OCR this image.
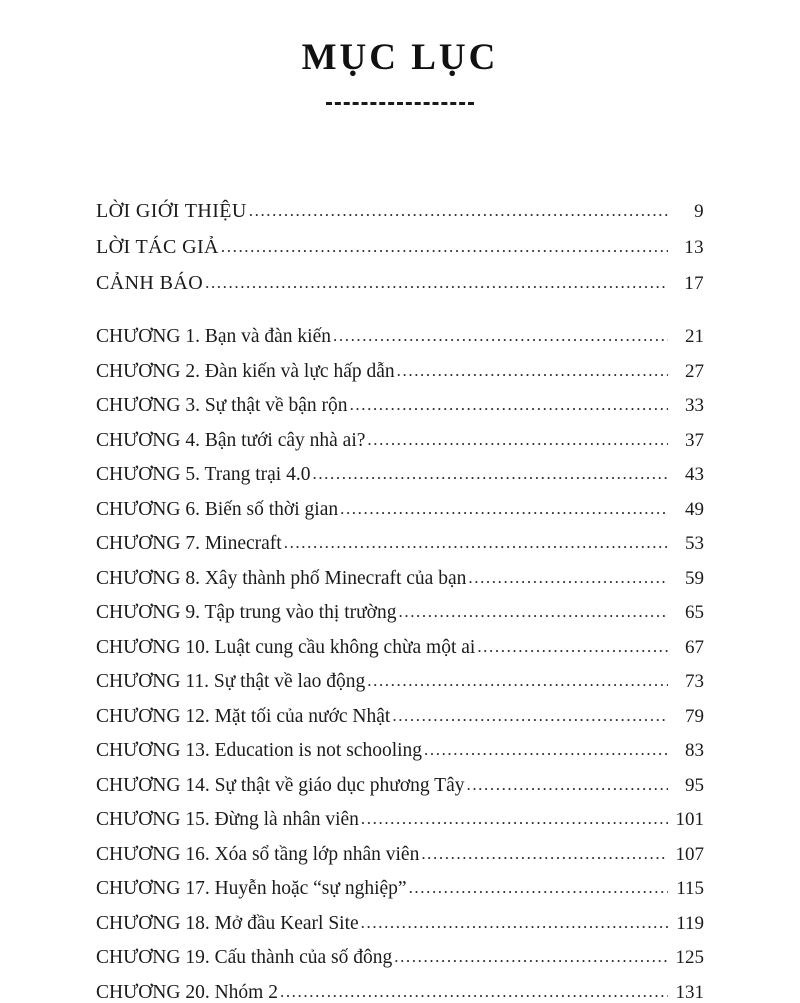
MỤC LỤC
LỜI GIỚI THIỆU .....	9
LỜI TÁC GIẢ .....	13
CẢNH BÁO .....	17
CHƯƠNG 1. Bạn và đàn kiến .....	21
CHƯƠNG 2. Đàn kiến và lực hấp dẫn .....	27
CHƯƠNG 3. Sự thật về bận rộn .....	33
CHƯƠNG 4. Bận tưới cây nhà ai? .....	37
CHƯƠNG 5. Trang trại 4.0 .....	43
CHƯƠNG 6. Biến số thời gian .....	49
CHƯƠNG 7. Minecraft .....	53
CHƯƠNG 8. Xây thành phố Minecraft của bạn .....	59
CHƯƠNG 9. Tập trung vào thị trường .....	65
CHƯƠNG 10. Luật cung cầu không chừa một ai .....	67
CHƯƠNG 11. Sự thật về lao động .....	73
CHƯƠNG 12. Mặt tối của nước Nhật .....	79
CHƯƠNG 13. Education is not schooling .....	83
CHƯƠNG 14. Sự thật về giáo dục phương Tây .....	95
CHƯƠNG 15. Đừng là nhân viên .....	101
CHƯƠNG 16. Xóa sổ tầng lớp nhân viên .....	107
CHƯƠNG 17. Huyễn hoặc “sự nghiệp” .....	115
CHƯƠNG 18. Mở đầu Kearl Site .....	119
CHƯƠNG 19. Cấu thành của số đông .....	125
CHƯƠNG 20. Nhóm 2 .....	131
